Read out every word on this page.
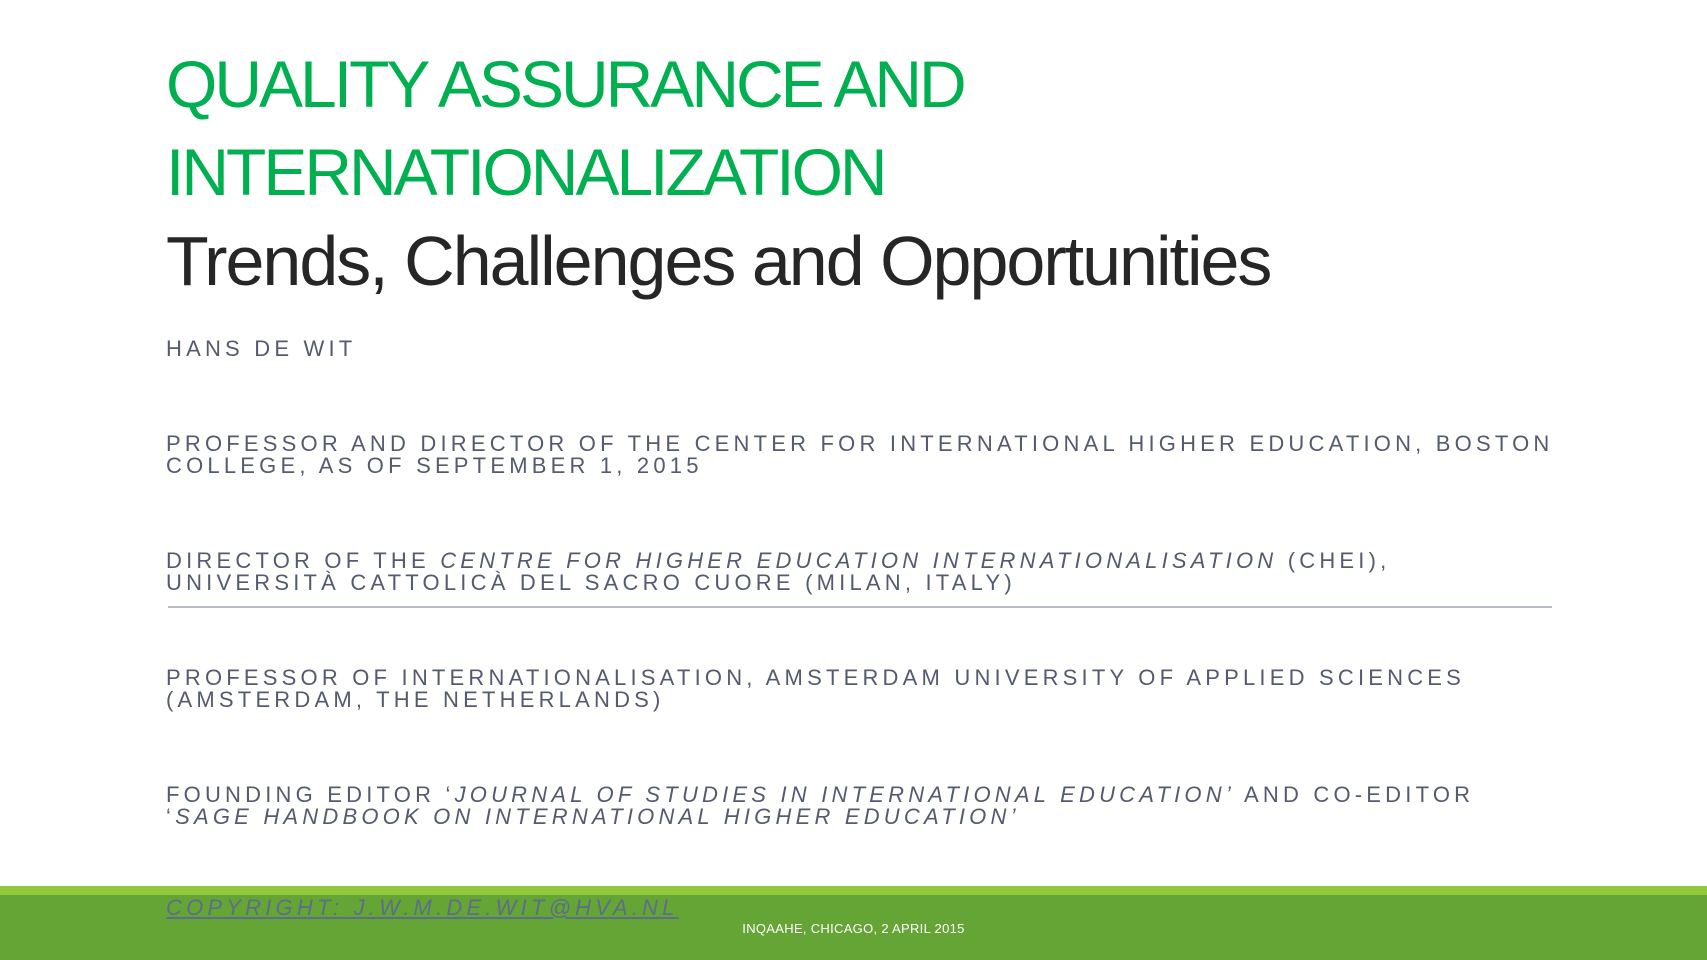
QUALITY ASSURANCE AND

INTERNATIONALIZATION

Trends, Challenges and Opportunities

HANS DE WIT

PROFESSOR AND DIRECTOR OF THE CENTER FOR INTERNATIONAL HIGHER EDUCATION, BOSTON COLLEGE, AS OF SEPTEMBER 1, 2015

DIRECTOR OF THE CENTRE FOR HIGHER EDUCATION INTERNATIONALISATION (CHEI), UNIVERSITÀ CATTOLICÀ DEL SACRO CUORE (MILAN, ITALY)

PROFESSOR OF INTERNATIONALISATION, AMSTERDAM UNIVERSITY OF APPLIED SCIENCES (AMSTERDAM, THE NETHERLANDS)

FOUNDING EDITOR ‘JOURNAL OF STUDIES IN INTERNATIONAL EDUCATION’ AND CO-EDITOR ‘SAGE HANDBOOK ON INTERNATIONAL HIGHER EDUCATION’

COPYRIGHT: J.W.M.DE.WIT@HVA.NL
INQAAHE, CHICAGO, 2 APRIL 2015
